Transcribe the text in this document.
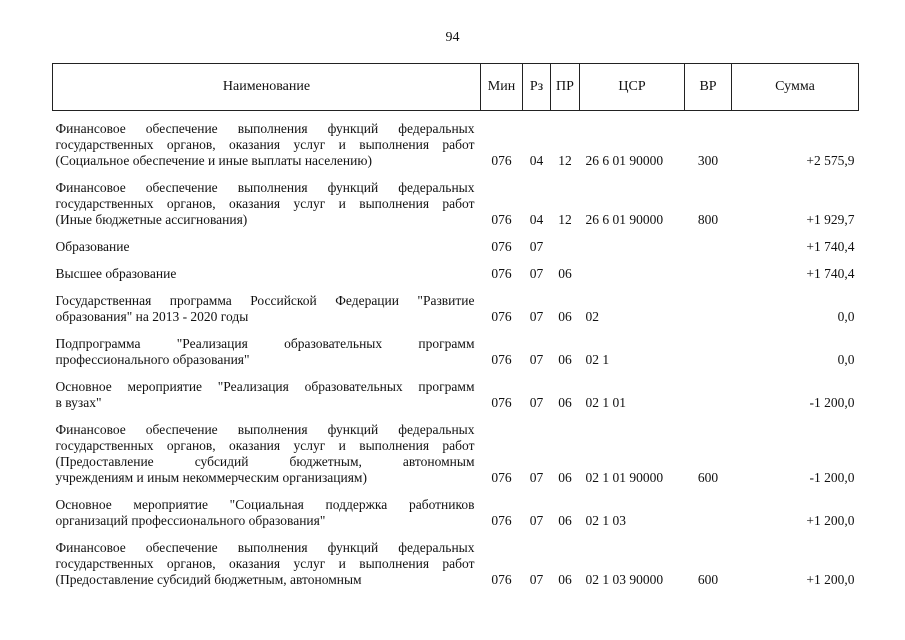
94
Наименование	Мин	Рз	ПР	ЦСР	ВР	Сумма

Финансовое обеспечение выполнения функций федеральных
государственных органов, оказания услуг и выполнения работ
(Социальное обеспечение и иные выплаты населению)	076	04	12	26 6 01 90000	300	+2 575,9

Финансовое обеспечение выполнения функций федеральных
государственных органов, оказания услуг и выполнения работ
(Иные бюджетные ассигнования)	076	04	12	26 6 01 90000	800	+1 929,7

Образование	076	07				+1 740,4

Высшее образование	076	07	06			+1 740,4

Государственная программа Российской Федерации "Развитие
образования" на 2013 - 2020 годы	076	07	06	02		0,0

Подпрограмма "Реализация образовательных программ
профессионального образования"	076	07	06	02 1		0,0

Основное мероприятие "Реализация образовательных программ
в вузах"	076	07	06	02 1 01		-1 200,0

Финансовое обеспечение выполнения функций федеральных
государственных органов, оказания услуг и выполнения работ
(Предоставление субсидий бюджетным, автономным
учреждениям и иным некоммерческим организациям)	076	07	06	02 1 01 90000	600	-1 200,0

Основное мероприятие "Социальная поддержка работников
организаций профессионального образования"	076	07	06	02 1 03		+1 200,0

Финансовое обеспечение выполнения функций федеральных
государственных органов, оказания услуг и выполнения работ
(Предоставление субсидий бюджетным, автономным	076	07	06	02 1 03 90000	600	+1 200,0
